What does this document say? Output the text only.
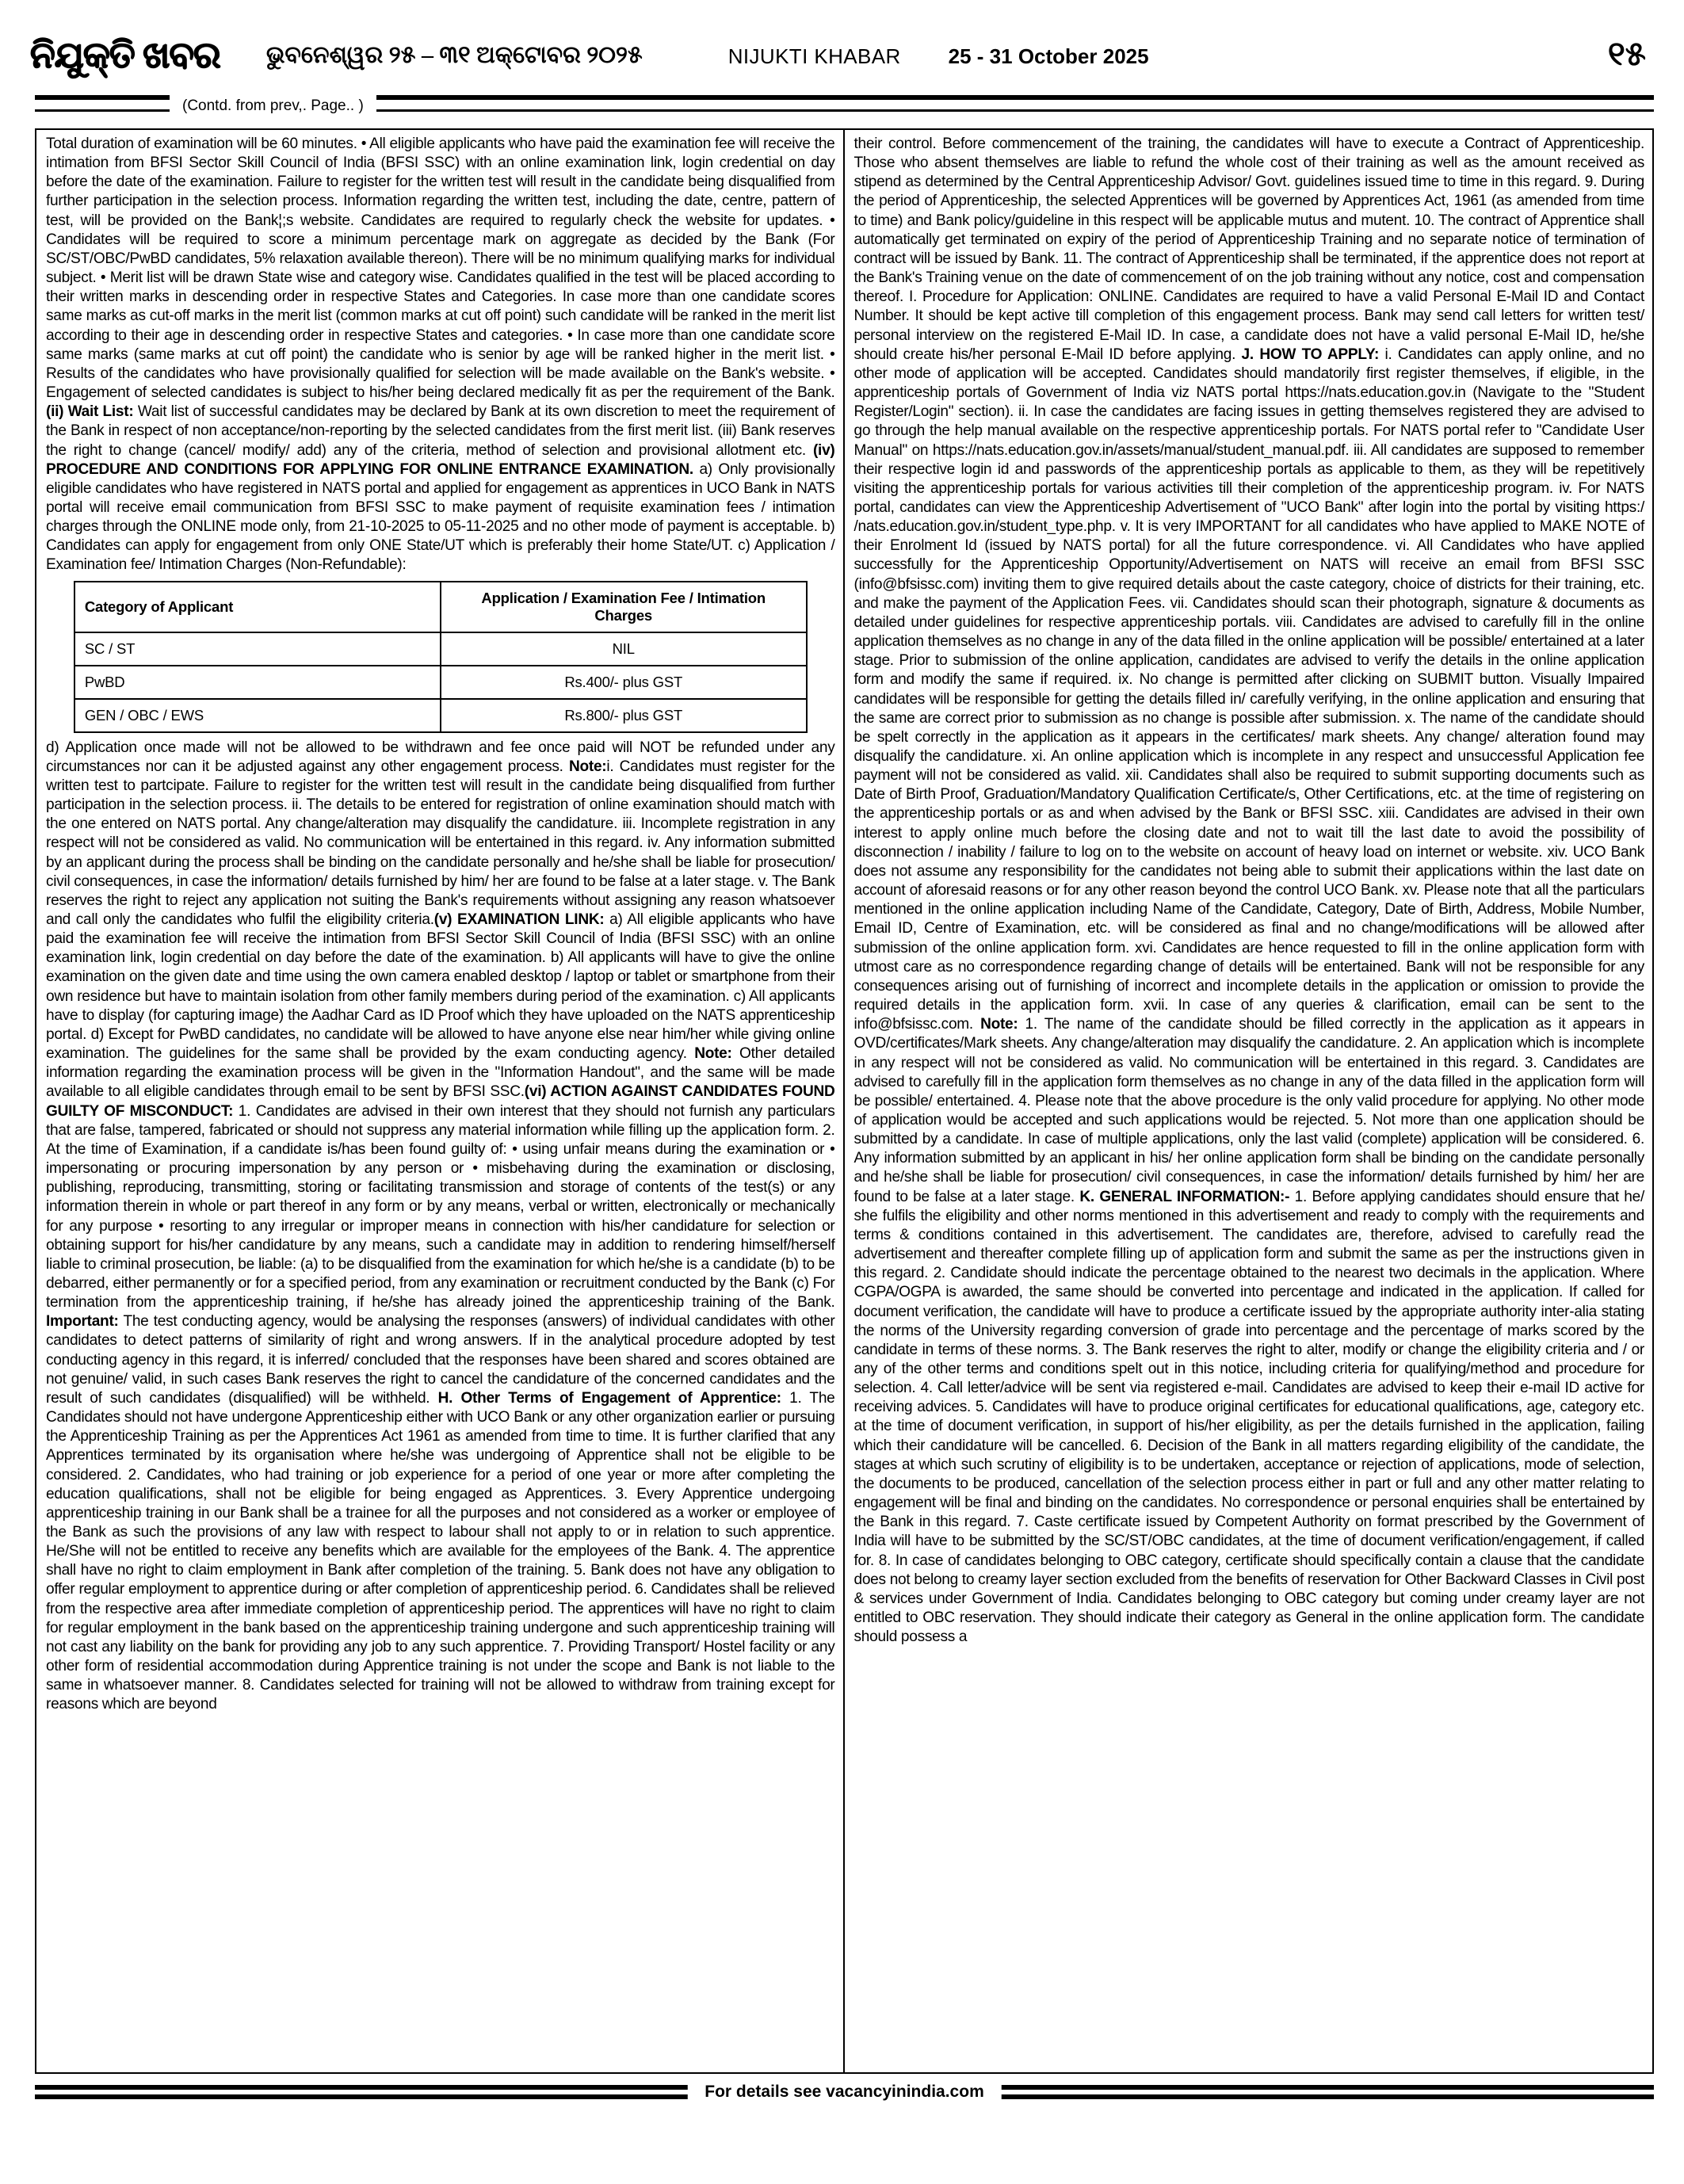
ନିଯୁକ୍ତି ଖବର ଭୁବନେଶ୍ୱର ୨୫ – ୩୧ ଅକ୍ଟୋବର ୨୦୨୫	NIJUKTI KHABAR 25 - 31 October 2025	୧୫
(Contd. from prev,. Page.. )

Total duration of examination will be 60 minutes. • All eligible applicants who have paid the examination fee will receive the intimation from BFSI Sector Skill Council of India (BFSI SSC) with an online examination link, login credential on day before the date of the examination. Failure to register for the written test will result in the candidate being disqualified from further participation in the selection process. Information regarding the written test, including the date, centre, pattern of test, will be provided on the Bank¦;s website. Candidates are required to regularly check the website for updates. • Candidates will be required to score a minimum percentage mark on aggregate as decided by the Bank (For SC/ST/OBC/PwBD candidates, 5% relaxation available thereon). There will be no minimum qualifying marks for individual subject. • Merit list will be drawn State wise and category wise. Candidates qualified in the test will be placed according to their written marks in descending order in respective States and Categories. In case more than one candidate scores same marks as cut-off marks in the merit list (common marks at cut off point) such candidate will be ranked in the merit list according to their age in descending order in respective States and categories. • In case more than one candidate score same marks (same marks at cut off point) the candidate who is senior by age will be ranked higher in the merit list. • Results of the candidates who have provisionally qualified for selection will be made available on the Bank's website. • Engagement of selected candidates is subject to his/her being declared medically fit as per the requirement of the Bank. (ii) Wait List: Wait list of successful candidates may be declared by Bank at its own discretion to meet the requirement of the Bank in respect of non acceptance/non-reporting by the selected candidates from the first merit list. (iii) Bank reserves the right to change (cancel/ modify/ add) any of the criteria, method of selection and provisional allotment etc. (iv) PROCEDURE AND CONDITIONS FOR APPLYING FOR ONLINE ENTRANCE EXAMINATION. a) Only provisionally eligible candidates who have registered in NATS portal and applied for engagement as apprentices in UCO Bank in NATS portal will receive email communication from BFSI SSC to make payment of requisite examination fees / intimation charges through the ONLINE mode only, from 21-10-2025 to 05-11-2025 and no other mode of payment is acceptable. b) Candidates can apply for engagement from only ONE State/UT which is preferably their home State/UT. c) Application / Examination fee/ Intimation Charges (Non-Refundable):

Category of Applicant	Application / Examination Fee / Intimation Charges
SC / ST	NIL
PwBD	Rs.400/- plus GST
GEN / OBC / EWS	Rs.800/- plus GST

d) Application once made will not be allowed to be withdrawn and fee once paid will NOT be refunded under any circumstances nor can it be adjusted against any other engagement process. Note:i. Candidates must register for the written test to partcipate. Failure to register for the written test will result in the candidate being disqualified from further participation in the selection process. ii. The details to be entered for registration of online examination should match with the one entered on NATS portal. Any change/alteration may disqualify the candidature. iii. Incomplete registration in any respect will not be considered as valid. No communication will be entertained in this regard. iv. Any information submitted by an applicant during the process shall be binding on the candidate personally and he/she shall be liable for prosecution/ civil consequences, in case the information/ details furnished by him/ her are found to be false at a later stage. v. The Bank reserves the right to reject any application not suiting the Bank's requirements without assigning any reason whatsoever and call only the candidates who fulfil the eligibility criteria.(v) EXAMINATION LINK: a) All eligible applicants who have paid the examination fee will receive the intimation from BFSI Sector Skill Council of India (BFSI SSC) with an online examination link, login credential on day before the date of the examination. b) All applicants will have to give the online examination on the given date and time using the own camera enabled desktop / laptop or tablet or smartphone from their own residence but have to maintain isolation from other family members during period of the examination. c) All applicants have to display (for capturing image) the Aadhar Card as ID Proof which they have uploaded on the NATS apprenticeship portal. d) Except for PwBD candidates, no candidate will be allowed to have anyone else near him/her while giving online examination. The guidelines for the same shall be provided by the exam conducting agency. Note: Other detailed information regarding the examination process will be given in the "Information Handout", and the same will be made available to all eligible candidates through email to be sent by BFSI SSC.(vi) ACTION AGAINST CANDIDATES FOUND GUILTY OF MISCONDUCT: 1. Candidates are advised in their own interest that they should not furnish any particulars that are false, tampered, fabricated or should not suppress any material information while filling up the application form. 2. At the time of Examination, if a candidate is/has been found guilty of: • using unfair means during the examination or • impersonating or procuring impersonation by any person or • misbehaving during the examination or disclosing, publishing, reproducing, transmitting, storing or facilitating transmission and storage of contents of the test(s) or any information therein in whole or part thereof in any form or by any means, verbal or written, electronically or mechanically for any purpose • resorting to any irregular or improper means in connection with his/her candidature for selection or obtaining support for his/her candidature by any means, such a candidate may in addition to rendering himself/herself liable to criminal prosecution, be liable: (a) to be disqualified from the examination for which he/she is a candidate (b) to be debarred, either permanently or for a specified period, from any examination or recruitment conducted by the Bank (c) For termination from the apprenticeship training, if he/she has already joined the apprenticeship training of the Bank. Important: The test conducting agency, would be analysing the responses (answers) of individual candidates with other candidates to detect patterns of similarity of right and wrong answers. If in the analytical procedure adopted by test conducting agency in this regard, it is inferred/ concluded that the responses have been shared and scores obtained are not genuine/ valid, in such cases Bank reserves the right to cancel the candidature of the concerned candidates and the result of such candidates (disqualified) will be withheld. H. Other Terms of Engagement of Apprentice: 1. The Candidates should not have undergone Apprenticeship either with UCO Bank or any other organization earlier or pursuing the Apprenticeship Training as per the Apprentices Act 1961 as amended from time to time. It is further clarified that any Apprentices terminated by its organisation where he/she was undergoing of Apprentice shall not be eligible to be considered. 2. Candidates, who had training or job experience for a period of one year or more after completing the education qualifications, shall not be eligible for being engaged as Apprentices. 3. Every Apprentice undergoing apprenticeship training in our Bank shall be a trainee for all the purposes and not considered as a worker or employee of the Bank as such the provisions of any law with respect to labour shall not apply to or in relation to such apprentice. He/She will not be entitled to receive any benefits which are available for the employees of the Bank. 4. The apprentice shall have no right to claim employment in Bank after completion of the training. 5. Bank does not have any obligation to offer regular employment to apprentice during or after completion of apprenticeship period. 6. Candidates shall be relieved from the respective area after immediate completion of apprenticeship period. The apprentices will have no right to claim for regular employment in the bank based on the apprenticeship training undergone and such apprenticeship training will not cast any liability on the bank for providing any job to any such apprentice. 7. Providing Transport/ Hostel facility or any other form of residential accommodation during Apprentice training is not under the scope and Bank is not liable to the same in whatsoever manner. 8. Candidates selected for training will not be allowed to withdraw from training except for reasons which are beyond

their control. Before commencement of the training, the candidates will have to execute a Contract of Apprenticeship. Those who absent themselves are liable to refund the whole cost of their training as well as the amount received as stipend as determined by the Central Apprenticeship Advisor/ Govt. guidelines issued time to time in this regard. 9. During the period of Apprenticeship, the selected Apprentices will be governed by Apprentices Act, 1961 (as amended from time to time) and Bank policy/guideline in this respect will be applicable mutus and mutent. 10. The contract of Apprentice shall automatically get terminated on expiry of the period of Apprenticeship Training and no separate notice of termination of contract will be issued by Bank. 11. The contract of Apprenticeship shall be terminated, if the apprentice does not report at the Bank's Training venue on the date of commencement of on the job training without any notice, cost and compensation thereof. I. Procedure for Application: ONLINE. Candidates are required to have a valid Personal E-Mail ID and Contact Number. It should be kept active till completion of this engagement process. Bank may send call letters for written test/ personal interview on the registered E-Mail ID. In case, a candidate does not have a valid personal E-Mail ID, he/she should create his/her personal E-Mail ID before applying. J. HOW TO APPLY: i. Candidates can apply online, and no other mode of application will be accepted. Candidates should mandatorily first register themselves, if eligible, in the apprenticeship portals of Government of India viz NATS portal https://nats.education.gov.in (Navigate to the "Student Register/Login" section). ii. In case the candidates are facing issues in getting themselves registered they are advised to go through the help manual available on the respective apprenticeship portals. For NATS portal refer to "Candidate User Manual" on https://nats.education.gov.in/assets/manual/student_manual.pdf. iii. All candidates are supposed to remember their respective login id and passwords of the apprenticeship portals as applicable to them, as they will be repetitively visiting the apprenticeship portals for various activities till their completion of the apprenticeship program. iv. For NATS portal, candidates can view the Apprenticeship Advertisement of "UCO Bank" after login into the portal by visiting https:/ /nats.education.gov.in/student_type.php. v. It is very IMPORTANT for all candidates who have applied to MAKE NOTE of their Enrolment Id (issued by NATS portal) for all the future correspondence. vi. All Candidates who have applied successfully for the Apprenticeship Opportunity/Advertisement on NATS will receive an email from BFSI SSC (info@bfsissc.com) inviting them to give required details about the caste category, choice of districts for their training, etc. and make the payment of the Application Fees. vii. Candidates should scan their photograph, signature & documents as detailed under guidelines for respective apprenticeship portals. viii. Candidates are advised to carefully fill in the online application themselves as no change in any of the data filled in the online application will be possible/ entertained at a later stage. Prior to submission of the online application, candidates are advised to verify the details in the online application form and modify the same if required. ix. No change is permitted after clicking on SUBMIT button. Visually Impaired candidates will be responsible for getting the details filled in/ carefully verifying, in the online application and ensuring that the same are correct prior to submission as no change is possible after submission. x. The name of the candidate should be spelt correctly in the application as it appears in the certificates/ mark sheets. Any change/ alteration found may disqualify the candidature. xi. An online application which is incomplete in any respect and unsuccessful Application fee payment will not be considered as valid. xii. Candidates shall also be required to submit supporting documents such as Date of Birth Proof, Graduation/Mandatory Qualification Certificate/s, Other Certifications, etc. at the time of registering on the apprenticeship portals or as and when advised by the Bank or BFSI SSC. xiii. Candidates are advised in their own interest to apply online much before the closing date and not to wait till the last date to avoid the possibility of disconnection / inability / failure to log on to the website on account of heavy load on internet or website. xiv. UCO Bank does not assume any responsibility for the candidates not being able to submit their applications within the last date on account of aforesaid reasons or for any other reason beyond the control UCO Bank. xv. Please note that all the particulars mentioned in the online application including Name of the Candidate, Category, Date of Birth, Address, Mobile Number, Email ID, Centre of Examination, etc. will be considered as final and no change/modifications will be allowed after submission of the online application form. xvi. Candidates are hence requested to fill in the online application form with utmost care as no correspondence regarding change of details will be entertained. Bank will not be responsible for any consequences arising out of furnishing of incorrect and incomplete details in the application or omission to provide the required details in the application form. xvii. In case of any queries & clarification, email can be sent to the info@bfsissc.com. Note: 1. The name of the candidate should be filled correctly in the application as it appears in OVD/certificates/Mark sheets. Any change/alteration may disqualify the candidature. 2. An application which is incomplete in any respect will not be considered as valid. No communication will be entertained in this regard. 3. Candidates are advised to carefully fill in the application form themselves as no change in any of the data filled in the application form will be possible/ entertained. 4. Please note that the above procedure is the only valid procedure for applying. No other mode of application would be accepted and such applications would be rejected. 5. Not more than one application should be submitted by a candidate. In case of multiple applications, only the last valid (complete) application will be considered. 6. Any information submitted by an applicant in his/ her online application form shall be binding on the candidate personally and he/she shall be liable for prosecution/ civil consequences, in case the information/ details furnished by him/ her are found to be false at a later stage. K. GENERAL INFORMATION:- 1. Before applying candidates should ensure that he/ she fulfils the eligibility and other norms mentioned in this advertisement and ready to comply with the requirements and terms & conditions contained in this advertisement. The candidates are, therefore, advised to carefully read the advertisement and thereafter complete filling up of application form and submit the same as per the instructions given in this regard. 2. Candidate should indicate the percentage obtained to the nearest two decimals in the application. Where CGPA/OGPA is awarded, the same should be converted into percentage and indicated in the application. If called for document verification, the candidate will have to produce a certificate issued by the appropriate authority inter-alia stating the norms of the University regarding conversion of grade into percentage and the percentage of marks scored by the candidate in terms of these norms. 3. The Bank reserves the right to alter, modify or change the eligibility criteria and / or any of the other terms and conditions spelt out in this notice, including criteria for qualifying/method and procedure for selection. 4. Call letter/advice will be sent via registered e-mail. Candidates are advised to keep their e-mail ID active for receiving advices. 5. Candidates will have to produce original certificates for educational qualifications, age, category etc. at the time of document verification, in support of his/her eligibility, as per the details furnished in the application, failing which their candidature will be cancelled. 6. Decision of the Bank in all matters regarding eligibility of the candidate, the stages at which such scrutiny of eligibility is to be undertaken, acceptance or rejection of applications, mode of selection, the documents to be produced, cancellation of the selection process either in part or full and any other matter relating to engagement will be final and binding on the candidates. No correspondence or personal enquiries shall be entertained by the Bank in this regard. 7. Caste certificate issued by Competent Authority on format prescribed by the Government of India will have to be submitted by the SC/ST/OBC candidates, at the time of document verification/engagement, if called for. 8. In case of candidates belonging to OBC category, certificate should specifically contain a clause that the candidate does not belong to creamy layer section excluded from the benefits of reservation for Other Backward Classes in Civil post & services under Government of India. Candidates belonging to OBC category but coming under creamy layer are not entitled to OBC reservation. They should indicate their category as General in the online application form. The candidate should possess a

For details see vacancyinindia.com
